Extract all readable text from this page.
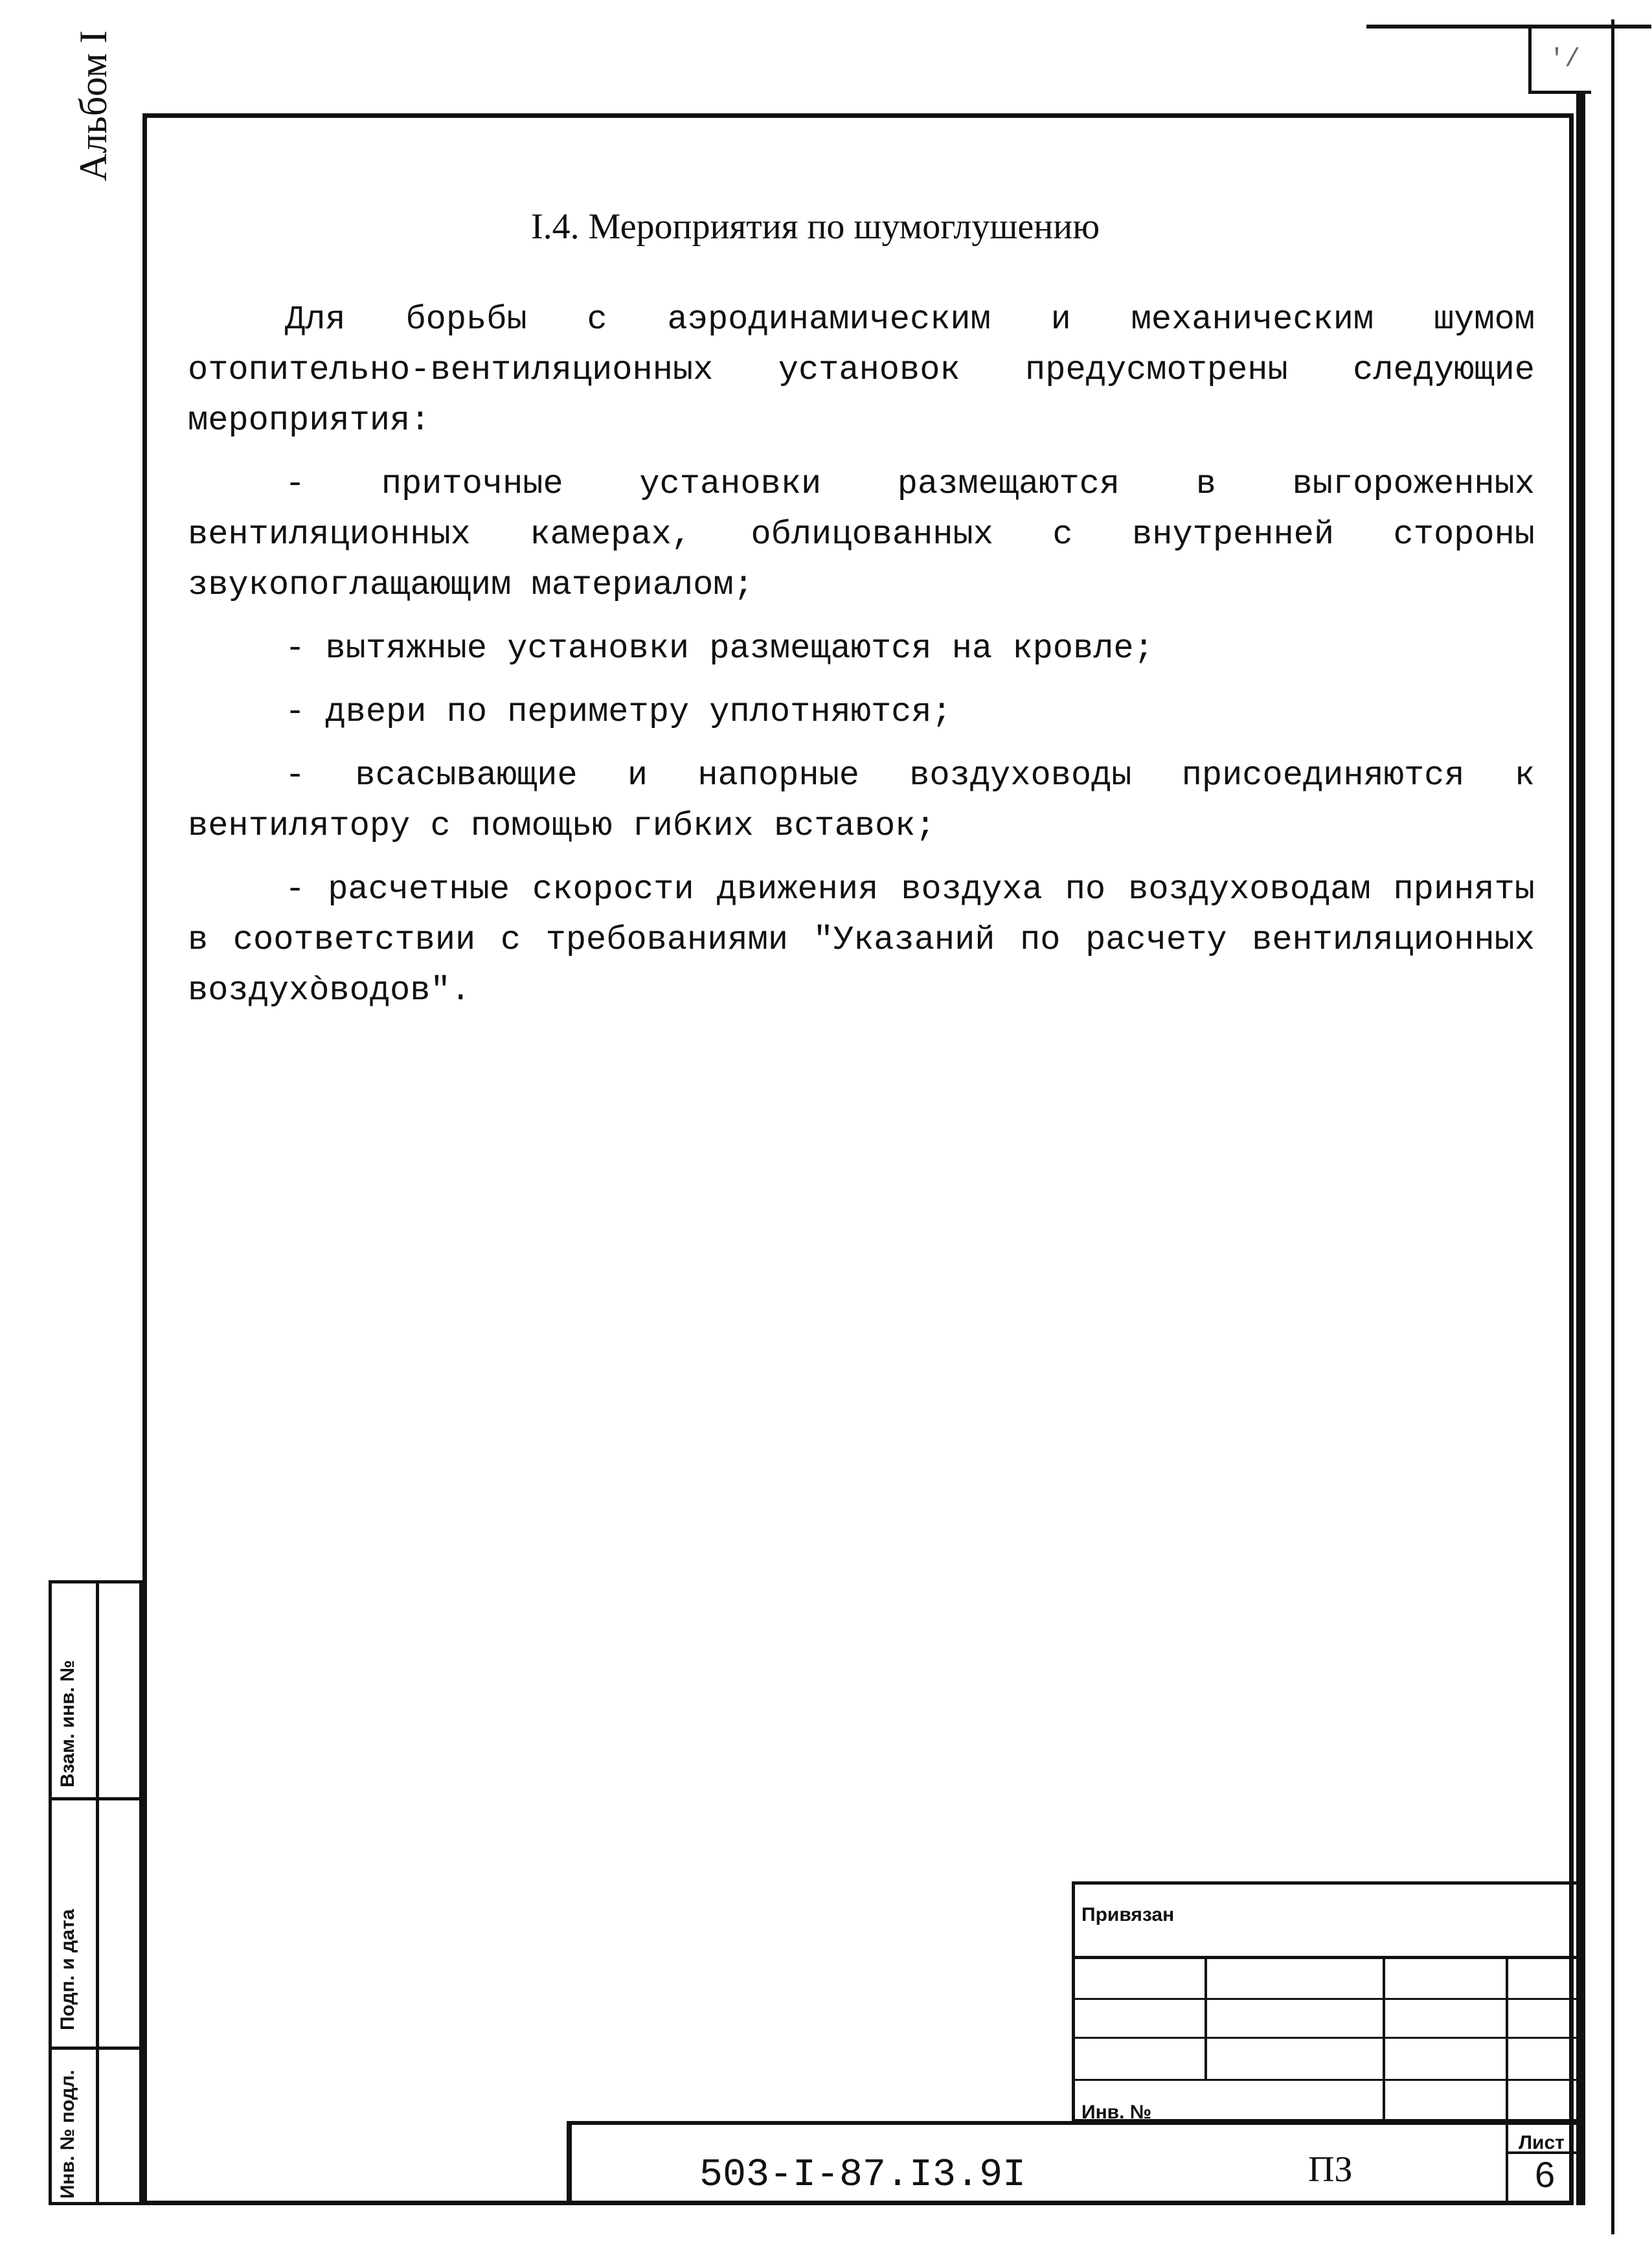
′/
Альбом I
Взам. инв. №
Подп. и дата
Инв. № подл.
I.4. Мероприятия по шумоглушению

Для борьбы с аэродинамическим и механическим шумом отопительно-вентиляционных установок предусмотрены следующие мероприятия:

- приточные установки размещаются в выгороженных вентиляционных камерах, облицованных с внутренней стороны звукопоглащающим материалом;

- вытяжные установки размещаются на кровле;

- двери по периметру уплотняются;

- всасывающие и напорные воздуховоды присоединяются к вентилятору с помощью гибких вставок;

- расчетные скорости движения воздуха по воздуховодам приняты в соответствии с требованиями "Указаний по расчету вентиляционных воздухòводов".

Привязан
Инв. №
Лист
503-I-87.I3.9I	ПЗ	6
